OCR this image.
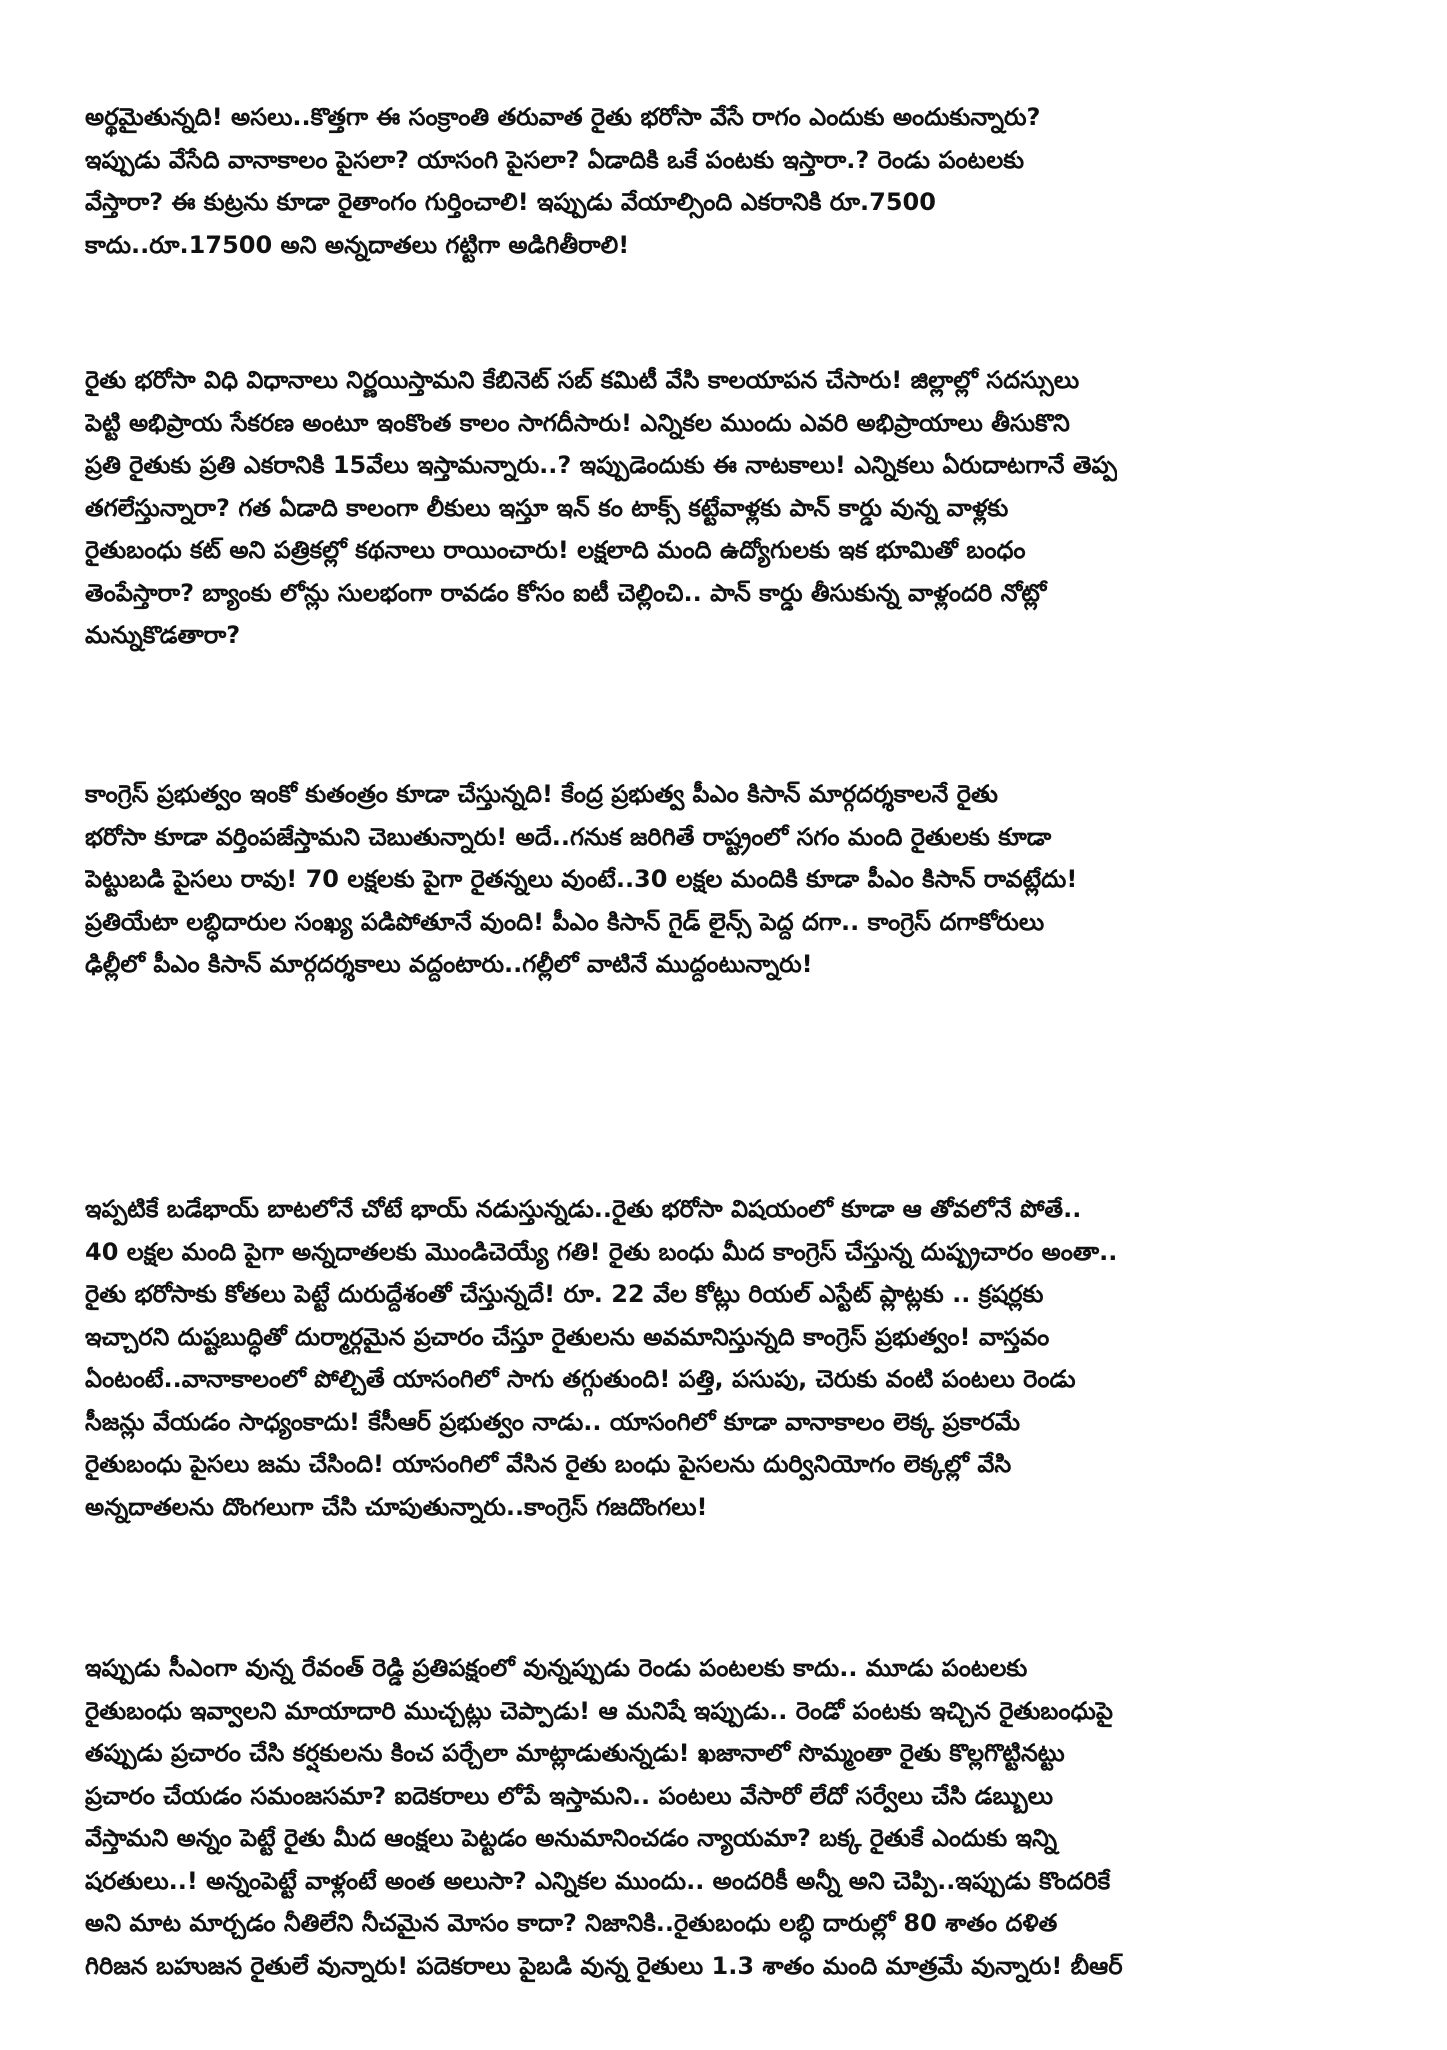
అర్థమైతున్నది! అసలు..కొత్తగా ఈ సంక్రాంతి తరువాత రైతు భరోసా వేసే రాగం ఎందుకు అందుకున్నారు?
ఇప్పుడు వేసేది వానాకాలం పైసలా? యాసంగి పైసలా? ఏడాదికి ఒకే పంటకు ఇస్తారా.? రెండు పంటలకు
వేస్తారా? ఈ కుట్రను కూడా రైతాంగం గుర్తించాలి! ఇప్పుడు వేయాల్సింది ఎకరానికి రూ.7500
కాదు..రూ.17500 అని అన్నదాతలు గట్టిగా అడిగితీరాలి!

రైతు భరోసా విధి విధానాలు నిర్ణయిస్తామని కేబినెట్ సబ్ కమిటీ వేసి కాలయాపన చేసారు! జిల్లాల్లో సదస్సులు
పెట్టి అభిప్రాయ సేకరణ అంటూ ఇంకొంత కాలం సాగదీసారు! ఎన్నికల ముందు ఎవరి అభిప్రాయాలు తీసుకొని
ప్రతి రైతుకు ప్రతి ఎకరానికి 15వేలు ఇస్తామన్నారు..? ఇప్పుడెందుకు ఈ నాటకాలు! ఎన్నికలు ఏరుదాటగానే తెప్ప
తగలేస్తున్నారా? గత ఏడాది కాలంగా లీకులు ఇస్తూ ఇన్ కం టాక్స్ కట్టేవాళ్లకు పాన్ కార్డు వున్న వాళ్లకు
రైతుబంధు కట్ అని పత్రికల్లో కథనాలు రాయించారు! లక్షలాది మంది ఉద్యోగులకు ఇక భూమితో బంధం
తెంపేస్తారా? బ్యాంకు లోన్లు సులభంగా రావడం కోసం ఐటీ చెల్లించి.. పాన్ కార్డు తీసుకున్న వాళ్లందరి నోట్లో
మన్నుకొడతారా?

కాంగ్రెస్ ప్రభుత్వం ఇంకో కుతంత్రం కూడా చేస్తున్నది! కేంద్ర ప్రభుత్వ పీఎం కిసాన్ మార్గదర్శకాలనే రైతు
భరోసా కూడా వర్తింపజేస్తామని చెబుతున్నారు! అదే..గనుక జరిగితే రాష్ట్రంలో సగం మంది రైతులకు కూడా
పెట్టుబడి పైసలు రావు! 70 లక్షలకు పైగా రైతన్నలు వుంటే..30 లక్షల మందికి కూడా పీఎం కిసాన్ రావట్లేదు!
ప్రతియేటా లబ్ధిదారుల సంఖ్య పడిపోతూనే వుంది! పీఎం కిసాన్ గైడ్ లైన్స్ పెద్ద దగా.. కాంగ్రెస్ దగాకోరులు
ఢిల్లీలో పీఎం కిసాన్ మార్గదర్శకాలు వద్దంటారు..గల్లీలో వాటినే ముద్దంటున్నారు!

ఇప్పటికే బడేభాయ్ బాటలోనే చోటే భాయ్ నడుస్తున్నడు..రైతు భరోసా విషయంలో కూడా ఆ తోవలోనే పోతే..
40 లక్షల మంది పైగా అన్నదాతలకు మొండిచెయ్యే గతి! రైతు బంధు మీద కాంగ్రెస్ చేస్తున్న దుష్ప్రచారం అంతా..
రైతు భరోసాకు కోతలు పెట్టే దురుద్దేశంతో చేస్తున్నదే! రూ. 22 వేల కోట్లు రియల్ ఎస్టేట్ ప్లాట్లకు .. క్రషర్లకు
ఇచ్చారని దుష్టబుద్ధితో దుర్మార్గమైన ప్రచారం చేస్తూ రైతులను అవమానిస్తున్నది కాంగ్రెస్ ప్రభుత్వం! వాస్తవం
ఏంటంటే..వానాకాలంలో పోల్చితే యాసంగిలో సాగు తగ్గుతుంది! పత్తి, పసుపు, చెరుకు వంటి పంటలు రెండు
సీజన్లు వేయడం సాధ్యంకాదు! కేసీఆర్ ప్రభుత్వం నాడు.. యాసంగిలో కూడా వానాకాలం లెక్క ప్రకారమే
రైతుబంధు పైసలు జమ చేసింది! యాసంగిలో వేసిన రైతు బంధు పైసలను దుర్వినియోగం లెక్కల్లో వేసి
అన్నదాతలను దొంగలుగా చేసి చూపుతున్నారు..కాంగ్రెస్ గజదొంగలు!

ఇప్పుడు సీఎంగా వున్న రేవంత్ రెడ్డి ప్రతిపక్షంలో వున్నప్పుడు రెండు పంటలకు కాదు.. మూడు పంటలకు
రైతుబంధు ఇవ్వాలని మాయాదారి ముచ్చట్లు చెప్పాడు! ఆ మనిషే ఇప్పుడు.. రెండో పంటకు ఇచ్చిన రైతుబంధుపై
తప్పుడు ప్రచారం చేసి కర్షకులను కించ పర్చేలా మాట్లాడుతున్నడు! ఖజానాలో సొమ్మంతా రైతు కొల్లగొట్టినట్టు
ప్రచారం చేయడం సమంజసమా? ఐదెకరాలు లోపే ఇస్తామని.. పంటలు వేసారో లేదో సర్వేలు చేసి డబ్బులు
వేస్తామని అన్నం పెట్టే రైతు మీద ఆంక్షలు పెట్టడం అనుమానించడం న్యాయమా? బక్క రైతుకే ఎందుకు ఇన్ని
షరతులు..! అన్నంపెట్టే వాళ్లంటే అంత అలుసా? ఎన్నికల ముందు.. అందరికీ అన్నీ అని చెప్పి..ఇప్పుడు కొందరికే
అని మాట మార్చడం నీతిలేని నీచమైన మోసం కాదా? నిజానికి..రైతుబంధు లబ్ధి దారుల్లో 80 శాతం దళిత
గిరిజన బహుజన రైతులే వున్నారు! పదెకరాలు పైబడి వున్న రైతులు 1.3 శాతం మంది మాత్రమే వున్నారు! బీఆర్
